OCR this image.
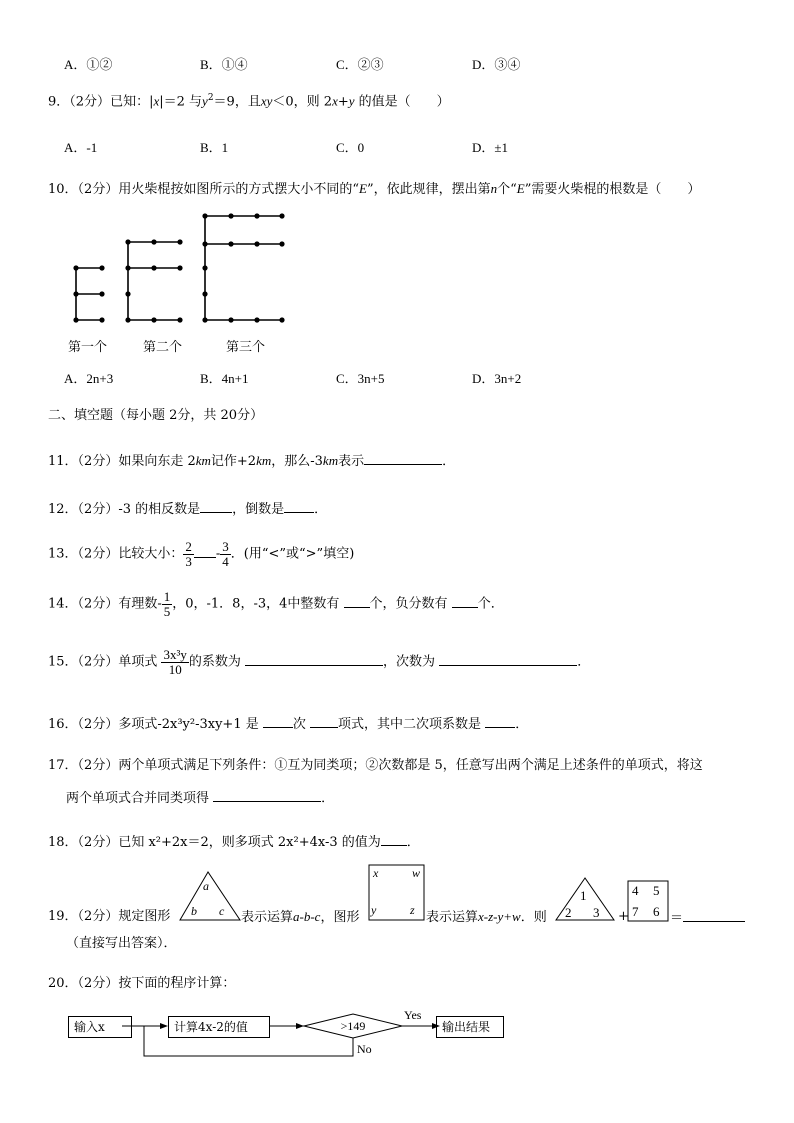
A．①②	B．①④	C．②③	D．③④
9．（2分）已知：|x|＝2 与$y^2=9$，且xy＜0，则 2x+y 的值是（　　）
A．-1	B．1	C．0	D．±1
10．（2分）用火柴棍按如图所示的方式摆大小不同的“E”，依此规律，摆出第n个“E”需要火柴棍的根数是（　　）
第一个	第二个	第三个
A．2n+3	B．4n+1	C．3n+5	D．3n+2
二、填空题（每小题 2分，共 20分）
11．（2分）如果向东走 2km记作+2km，那么-3km表示	．
12．（2分）-3 的相反数是 ，倒数是 ．
13．（2分）比较大小： $\frac{2}{3} - \frac{3}{4}$ ．(用“<”或“>”填空)
14．（2分）有理数- $\frac{1}{5}$ ，0，-1．8，-3，4中整数有 个，负分数有 个．
15．（2分）单项式 $\frac{\text{3x³y}}{10}$ 的系数为	，次数为	．
16．（2分）多项式-2x³y²-3xy+1 是	次 项式，其中二次项系数是	．
17．（2分）两个单项式满足下列条件：①互为同类项；②次数都是 5，任意写出两个满足上述条件的单项式，将这
两个单项式合并同类项得	．
18．（2分）已知 x²+2x＝2，则多项式 2x²+4x-3 的值为 ．
19．（2分）规定图形
a
b c 表示运算a-b-c，图形
x	w
y	z 表示运算x-z-y+w．则
1
2 3 +
4 5
7 6 ＝
（直接写出答案）．
20．（2分）按下面的程序计算：
>149
Yes
No
输入x	计算4x-2的值	输出结果
